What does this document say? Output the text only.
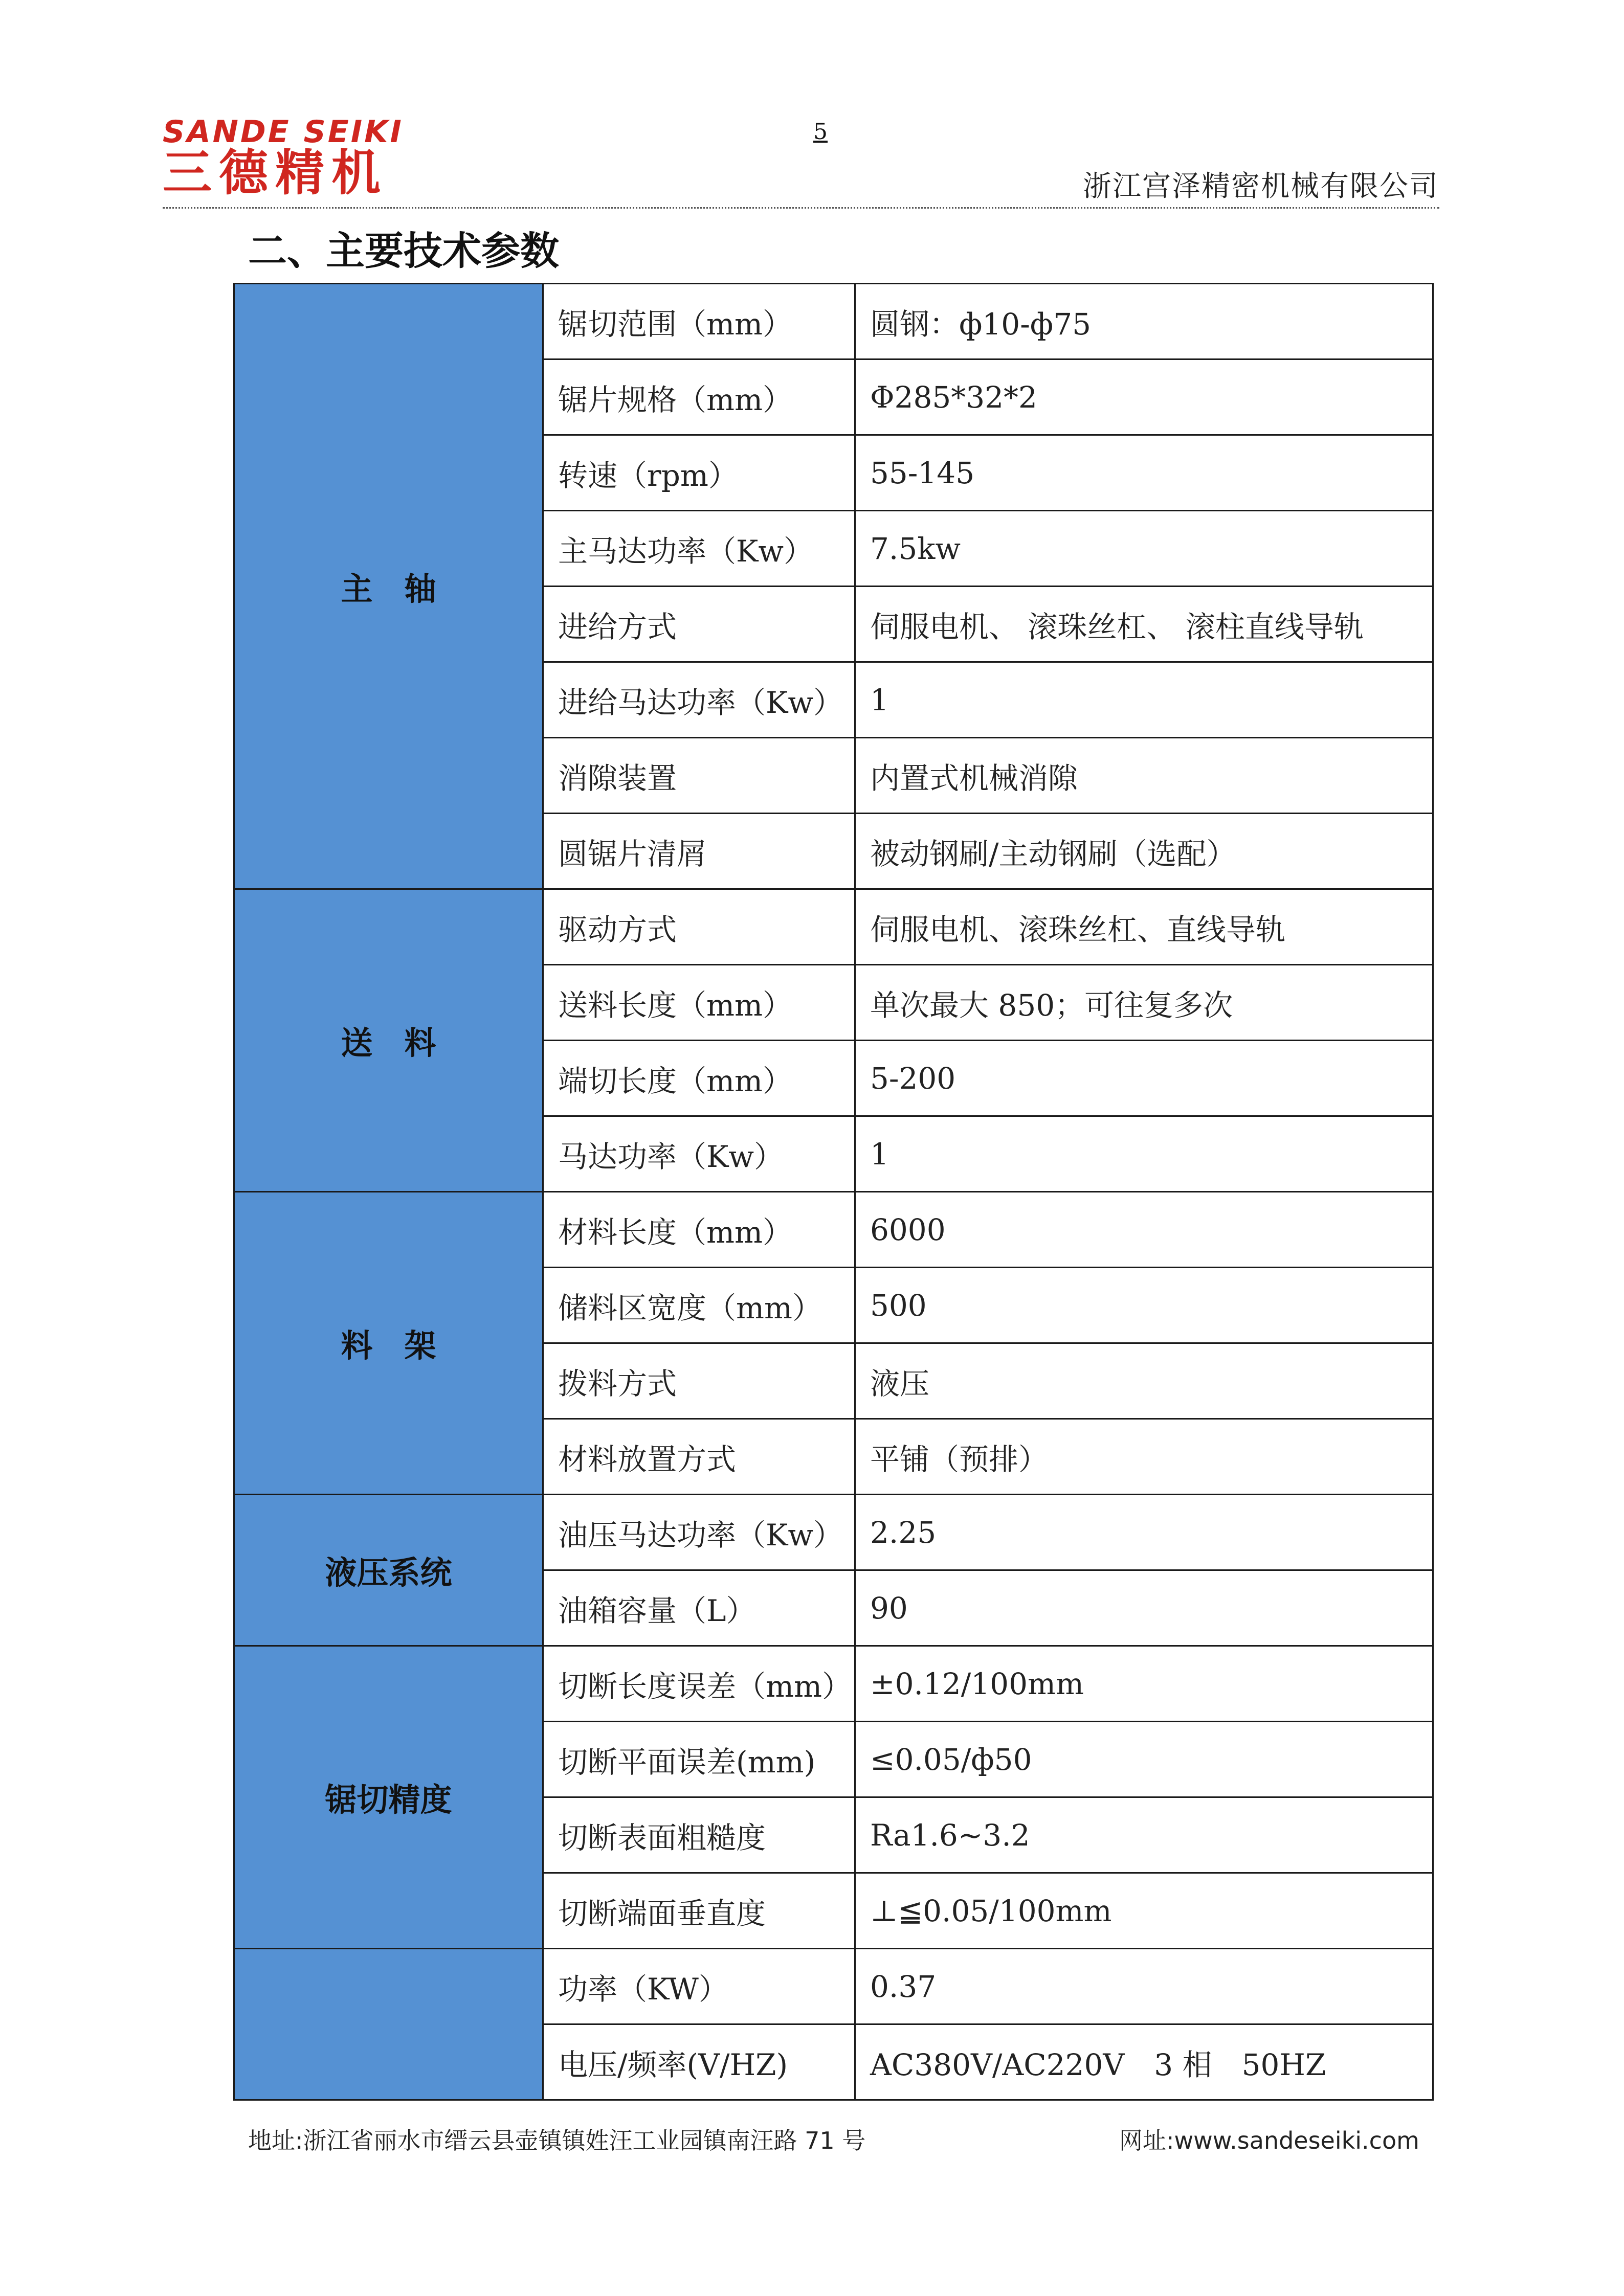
SANDE SEIKI
三德精机
5
浙江宫泽精密机械有限公司
二、主要技术参数
主　轴	锯切范围（mm）	圆钢：ф10-ф75
	锯片规格（mm）	Φ285*32*2
	转速（rpm）	55-145
	主马达功率（Kw）	7.5kw
	进给方式	伺服电机、 滚珠丝杠、 滚柱直线导轨
	进给马达功率（Kw）	1
	消隙装置	内置式机械消隙
	圆锯片清屑	被动钢刷/主动钢刷（选配）
送　料	驱动方式	伺服电机、滚珠丝杠、直线导轨
	送料长度（mm）	单次最大 850；可往复多次
	端切长度（mm）	5-200
	马达功率（Kw）	1
料　架	材料长度（mm）	6000
	储料区宽度（mm）	500
	拨料方式	液压
	材料放置方式	平铺（预排）
液压系统	油压马达功率（Kw）	2.25
	油箱容量（L）	90
锯切精度	切断长度误差（mm）	±0.12/100mm
	切断平面误差(mm)	≤0.05/ф50
	切断表面粗糙度	Ra1.6~3.2
	切断端面垂直度	⊥≦0.05/100mm
	功率（KW）	0.37
	电压/频率(V/HZ)	AC380V/AC220V　3 相　50HZ
地址:浙江省丽水市缙云县壶镇镇姓汪工业园镇南汪路 71 号	网址:www.sandeseiki.com
